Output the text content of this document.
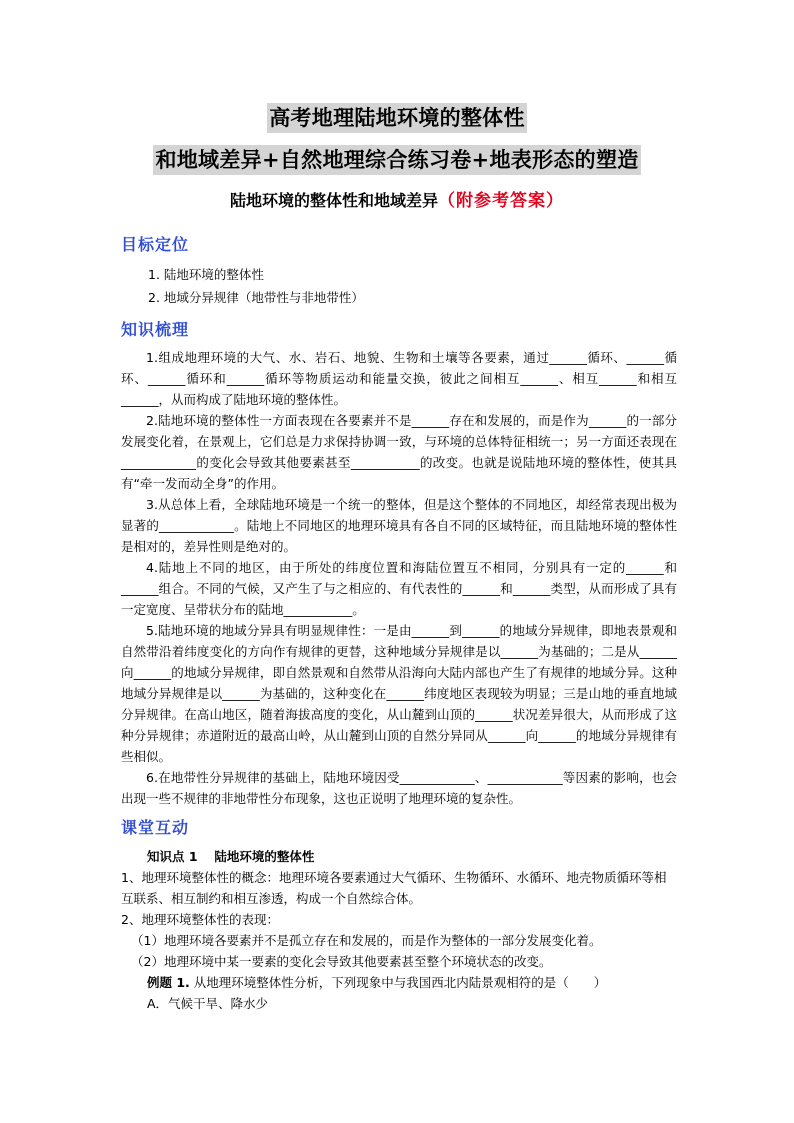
高考地理陆地环境的整体性
和地域差异+自然地理综合练习卷+地表形态的塑造
陆地环境的整体性和地域差异（附参考答案）
目标定位
1. 陆地环境的整体性
2. 地域分异规律（地带性与非地带性）
知识梳理

1.组成地理环境的大气、水、岩石、地貌、生物和土壤等各要素，通过______循环、______循环、______循环和______循环等物质运动和能量交换，彼此之间相互______、相互______和相互______，从而构成了陆地环境的整体性。

2.陆地环境的整体性一方面表现在各要素并不是______存在和发展的，而是作为______的一部分发展变化着，在景观上，它们总是力求保持协调一致，与环境的总体特征相统一；另一方面还表现在____________的变化会导致其他要素甚至___________的改变。也就是说陆地环境的整体性，使其具有“牵一发而动全身”的作用。

3.从总体上看，全球陆地环境是一个统一的整体，但是这个整体的不同地区，却经常表现出极为显著的____________。陆地上不同地区的地理环境具有各自不同的区域特征，而且陆地环境的整体性是相对的，差异性则是绝对的。

4.陆地上不同的地区，由于所处的纬度位置和海陆位置互不相同，分别具有一定的______和______组合。不同的气候，又产生了与之相应的、有代表性的______和______类型，从而形成了具有一定宽度、呈带状分布的陆地___________。

5.陆地环境的地域分异具有明显规律性：一是由______到______的地域分异规律，即地表景观和自然带沿着纬度变化的方向作有规律的更替，这种地域分异规律是以______为基础的；二是从______向______的地域分异规律，即自然景观和自然带从沿海向大陆内部也产生了有规律的地域分异。这种地域分异规律是以______为基础的，这种变化在______纬度地区表现较为明显；三是山地的垂直地域分异规律。在高山地区，随着海拔高度的变化，从山麓到山顶的______状况差异很大，从而形成了这种分异规律；赤道附近的最高山岭，从山麓到山顶的自然分异同从______向______的地域分异规律有些相似。

6.在地带性分异规律的基础上，陆地环境因受____________、____________等因素的影响，也会出现一些不规律的非地带性分布现象，这也正说明了地理环境的复杂性。

课堂互动

知识点 1　 陆地环境的整体性

1、地理环境整体性的概念：地理环境各要素通过大气循环、生物循环、水循环、地壳物质循环等相互联系、相互制约和相互渗透，构成一个自然综合体。

2、地理环境整体性的表现：

（1）地理环境各要素并不是孤立存在和发展的，而是作为整体的一部分发展变化着。

（2）地理环境中某一要素的变化会导致其他要素甚至整个环境状态的改变。

例题 1. 从地理环境整体性分析，下列现象中与我国西北内陆景观相符的是（　　）

A．气候干旱、降水少
